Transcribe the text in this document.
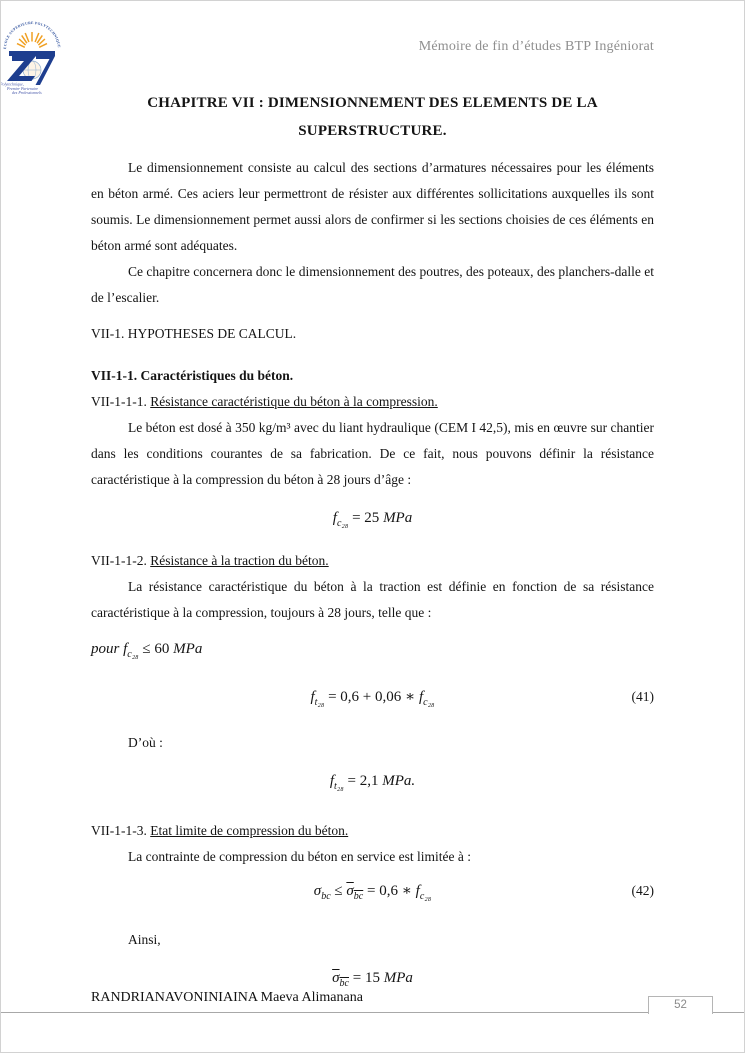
ECOLE SUPERIEURE POLYTECHNIQUE
Polytechnique,
Premier Partenaire
des Professionnels
Mémoire de fin d’études BTP Ingéniorat
CHAPITRE VII : DIMENSIONNEMENT DES ELEMENTS DE LA
SUPERSTRUCTURE.

Le dimensionnement consiste au calcul des sections d’armatures nécessaires pour les éléments en béton armé. Ces aciers leur permettront de résister aux différentes sollicitations auxquelles ils sont soumis. Le dimensionnement permet aussi alors de confirmer si les sections choisies de ces éléments en béton armé sont adéquates.

Ce chapitre concernera donc le dimensionnement des poutres, des poteaux, des planchers-dalle et de l’escalier.

VII-1. HYPOTHESES DE CALCUL.

VII-1-1. Caractéristiques du béton.

VII-1-1-1. Résistance caractéristique du béton à la compression.

Le béton est dosé à 350 kg/m³ avec du liant hydraulique (CEM I 42,5), mis en œuvre sur chantier dans les conditions courantes de sa fabrication. De ce fait, nous pouvons définir la résistance caractéristique à la compression du béton à 28 jours d’âge :

$f_{c_{28}} = 25$ MPa

VII-1-1-2. Résistance à la traction du béton.

La résistance caractéristique du béton à la traction est définie en fonction de sa résistance caractéristique à la compression, toujours à 28 jours, telle que :

pour $f_{c_{28}} \le 60$ MPa
$f_{t_{28}} = 0,6 + 0,06$ ∗ $f_{c_{28}}$	(41)

D’où :

$f_{t_{28}} = 2,1$ MPa.

VII-1-1-3. Etat limite de compression du béton.

La contrainte de compression du béton en service est limitée à :

$\sigma_{bc} \le \sigma_{bc} = 0,6$ ∗ $f_{c_{28}}$	(42)

Ainsi,

$\sigma_{bc} = 15$ MPa
RANDRIANAVONINIAINA Maeva Alimanana	52
